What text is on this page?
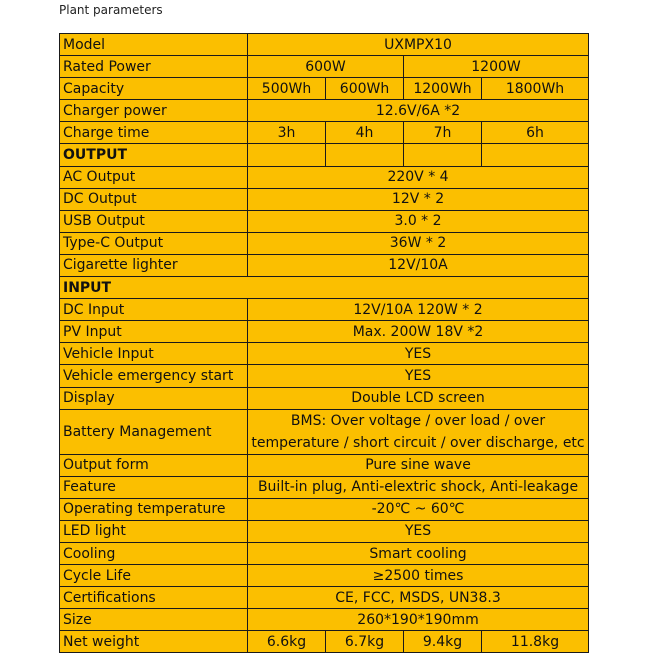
Plant parameters
Model	UXMPX10			
Rated Power	600W		1200W	
Capacity	500Wh	600Wh	1200Wh	1800Wh
Charger power	12.6V/6A *2			
Charge time	3h	4h	7h	6h
OUTPUT				
AC Output	220V * 4			
DC Output	12V * 2			
USB Output	3.0 * 2			
Type-C Output	36W * 2			
Cigarette lighter	12V/10A			
INPUT				
DC Input	12V/10A 120W * 2			
PV Input	Max. 200W 18V *2			
Vehicle Input	YES			
Vehicle emergency start	YES			
Display	Double LCD screen			
Battery Management	BMS: Over voltage / over load / over temperature / short circuit / over discharge, etc			
Output form	Pure sine wave			
Feature	Built-in plug, Anti-elextric shock, Anti-leakage			
Operating temperature	-20℃ ~ 60℃			
LED light	YES			
Cooling	Smart cooling			
Cycle Life	≥2500 times			
Certifications	CE, FCC, MSDS, UN38.3			
Size	260*190*190mm			
Net weight	6.6kg	6.7kg	9.4kg	11.8kg
